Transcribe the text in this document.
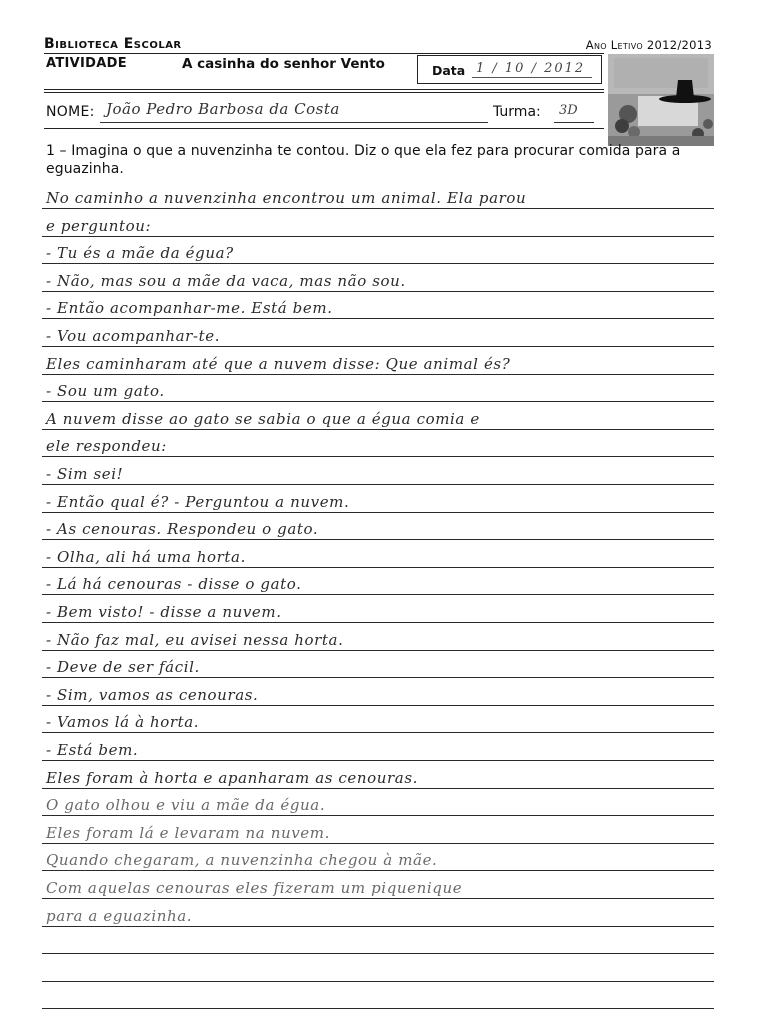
Biblioteca Escolar	Ano Letivo 2012/2013
ATIVIDADE	A casinha do senhor Vento	Data 1 / 10 / 2012
NOME: João Pedro Barbosa da Costa	Turma: 3D
1 – Imagina o que a nuvenzinha te contou. Diz o que ela fez para procurar comida para a eguazinha.
No caminho a nuvenzinha encontrou um animal. Ela parou
e perguntou:
- Tu és a mãe da égua?
- Não, mas sou a mãe da vaca, mas não sou.
- Então acompanhar-me. Está bem.
- Vou acompanhar-te.
Eles caminharam até que a nuvem disse: Que animal és?
- Sou um gato.
A nuvem disse ao gato se sabia o que a égua comia e
ele respondeu:
- Sim sei!
- Então qual é? - Perguntou a nuvem.
- As cenouras. Respondeu o gato.
- Olha, ali há uma horta.
- Lá há cenouras - disse o gato.
- Bem visto! - disse a nuvem.
- Não faz mal, eu avisei nessa horta.
- Deve de ser fácil.
- Sim, vamos as cenouras.
- Vamos lá à horta.
- Está bem.
Eles foram à horta e apanharam as cenouras.
O gato olhou e viu a mãe da égua.
Eles foram lá e levaram na nuvem.
Quando chegaram, a nuvenzinha chegou à mãe.
Com aquelas cenouras eles fizeram um piquenique
para a eguazinha.
